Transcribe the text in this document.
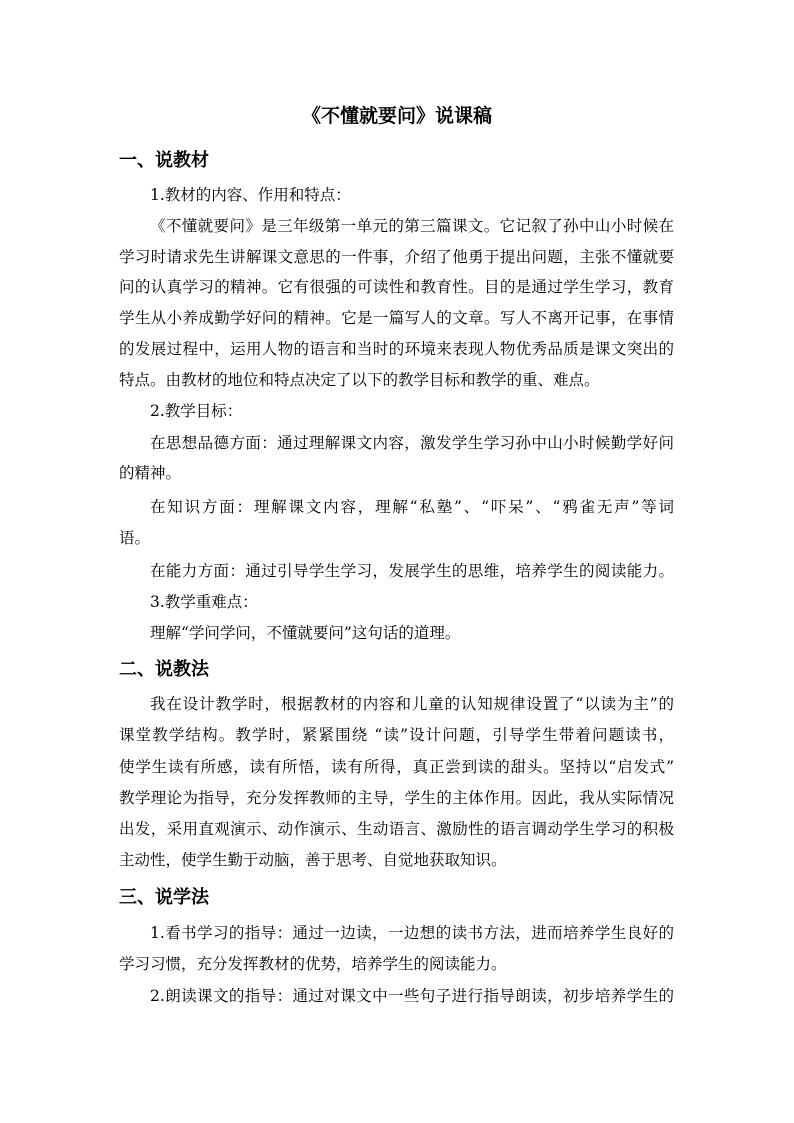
《不懂就要问》说课稿
一、说教材
1.教材的内容、作用和特点：
《不懂就要问》是三年级第一单元的第三篇课文。它记叙了孙中山小时候在
学习时请求先生讲解课文意思的一件事，介绍了他勇于提出问题，主张不懂就要
问的认真学习的精神。它有很强的可读性和教育性。目的是通过学生学习，教育
学生从小养成勤学好问的精神。它是一篇写人的文章。写人不离开记事，在事情
的发展过程中，运用人物的语言和当时的环境来表现人物优秀品质是课文突出的
特点。由教材的地位和特点决定了以下的教学目标和教学的重、难点。
2.教学目标：
在思想品德方面：通过理解课文内容，激发学生学习孙中山小时候勤学好问
的精神。
在知识方面：理解课文内容，理解“私塾”、“吓呆”、“鸦雀无声”等词
语。
在能力方面：通过引导学生学习，发展学生的思维，培养学生的阅读能力。
3.教学重难点：
理解“学问学问，不懂就要问”这句话的道理。
二、说教法
我在设计教学时，根据教材的内容和儿童的认知规律设置了“以读为主”的
课堂教学结构。教学时，紧紧围绕 “读”设计问题，引导学生带着问题读书，
使学生读有所感，读有所悟，读有所得，真正尝到读的甜头。坚持以“启发式”
教学理论为指导，充分发挥教师的主导，学生的主体作用。因此，我从实际情况
出发，采用直观演示、动作演示、生动语言、激励性的语言调动学生学习的积极
主动性，使学生勤于动脑，善于思考、自觉地获取知识。
三、说学法
1.看书学习的指导：通过一边读，一边想的读书方法，进而培养学生良好的
学习习惯，充分发挥教材的优势，培养学生的阅读能力。
2.朗读课文的指导：通过对课文中一些句子进行指导朗读，初步培养学生的
